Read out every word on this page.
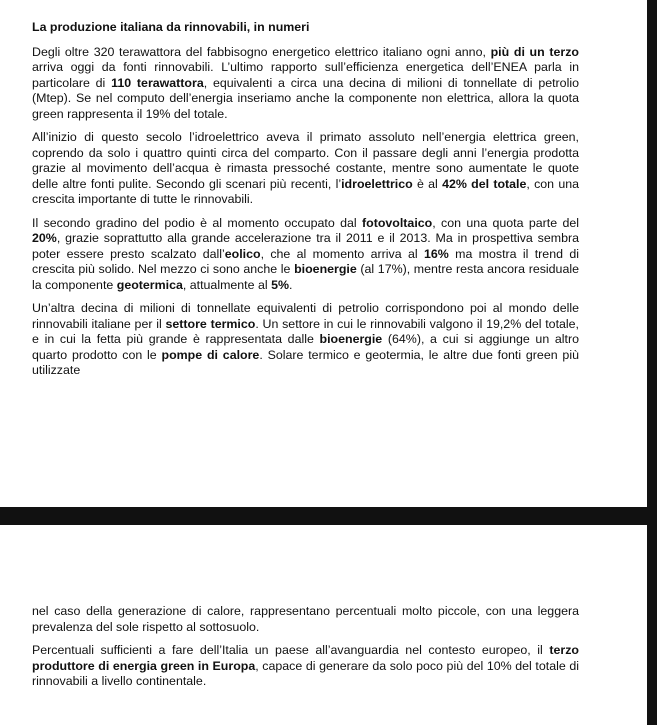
La produzione italiana da rinnovabili, in numeri

Degli oltre 320 terawattora del fabbisogno energetico elettrico italiano ogni anno, più di un terzo arriva oggi da fonti rinnovabili. L’ultimo rapporto sull’efficienza energetica dell’ENEA parla in particolare di 110 terawattora, equivalenti a circa una decina di milioni di tonnellate di petrolio (Mtep). Se nel computo dell’energia inseriamo anche la componente non elettrica, allora la quota green rappresenta il 19% del totale.

All’inizio di questo secolo l’idroelettrico aveva il primato assoluto nell’energia elettrica green, coprendo da solo i quattro quinti circa del comparto. Con il passare degli anni l’energia prodotta grazie al movimento dell’acqua è rimasta pressoché costante, mentre sono aumentate le quote delle altre fonti pulite. Secondo gli scenari più recenti, l’idroelettrico è al 42% del totale, con una crescita importante di tutte le rinnovabili.

Il secondo gradino del podio è al momento occupato dal fotovoltaico, con una quota parte del 20%, grazie soprattutto alla grande accelerazione tra il 2011 e il 2013. Ma in prospettiva sembra poter essere presto scalzato dall’eolico, che al momento arriva al 16% ma mostra il trend di crescita più solido. Nel mezzo ci sono anche le bioenergie (al 17%), mentre resta ancora residuale la componente geotermica, attualmente al 5%.

Un’altra decina di milioni di tonnellate equivalenti di petrolio corrispondono poi al mondo delle rinnovabili italiane per il settore termico. Un settore in cui le rinnovabili valgono il 19,2% del totale, e in cui la fetta più grande è rappresentata dalle bioenergie (64%), a cui si aggiunge un altro quarto prodotto con le pompe di calore. Solare termico e geotermia, le altre due fonti green più utilizzate

nel caso della generazione di calore, rappresentano percentuali molto piccole, con una leggera prevalenza del sole rispetto al sottosuolo.

Percentuali sufficienti a fare dell’Italia un paese all’avanguardia nel contesto europeo, il terzo produttore di energia green in Europa, capace di generare da solo poco più del 10% del totale di rinnovabili a livello continentale.
